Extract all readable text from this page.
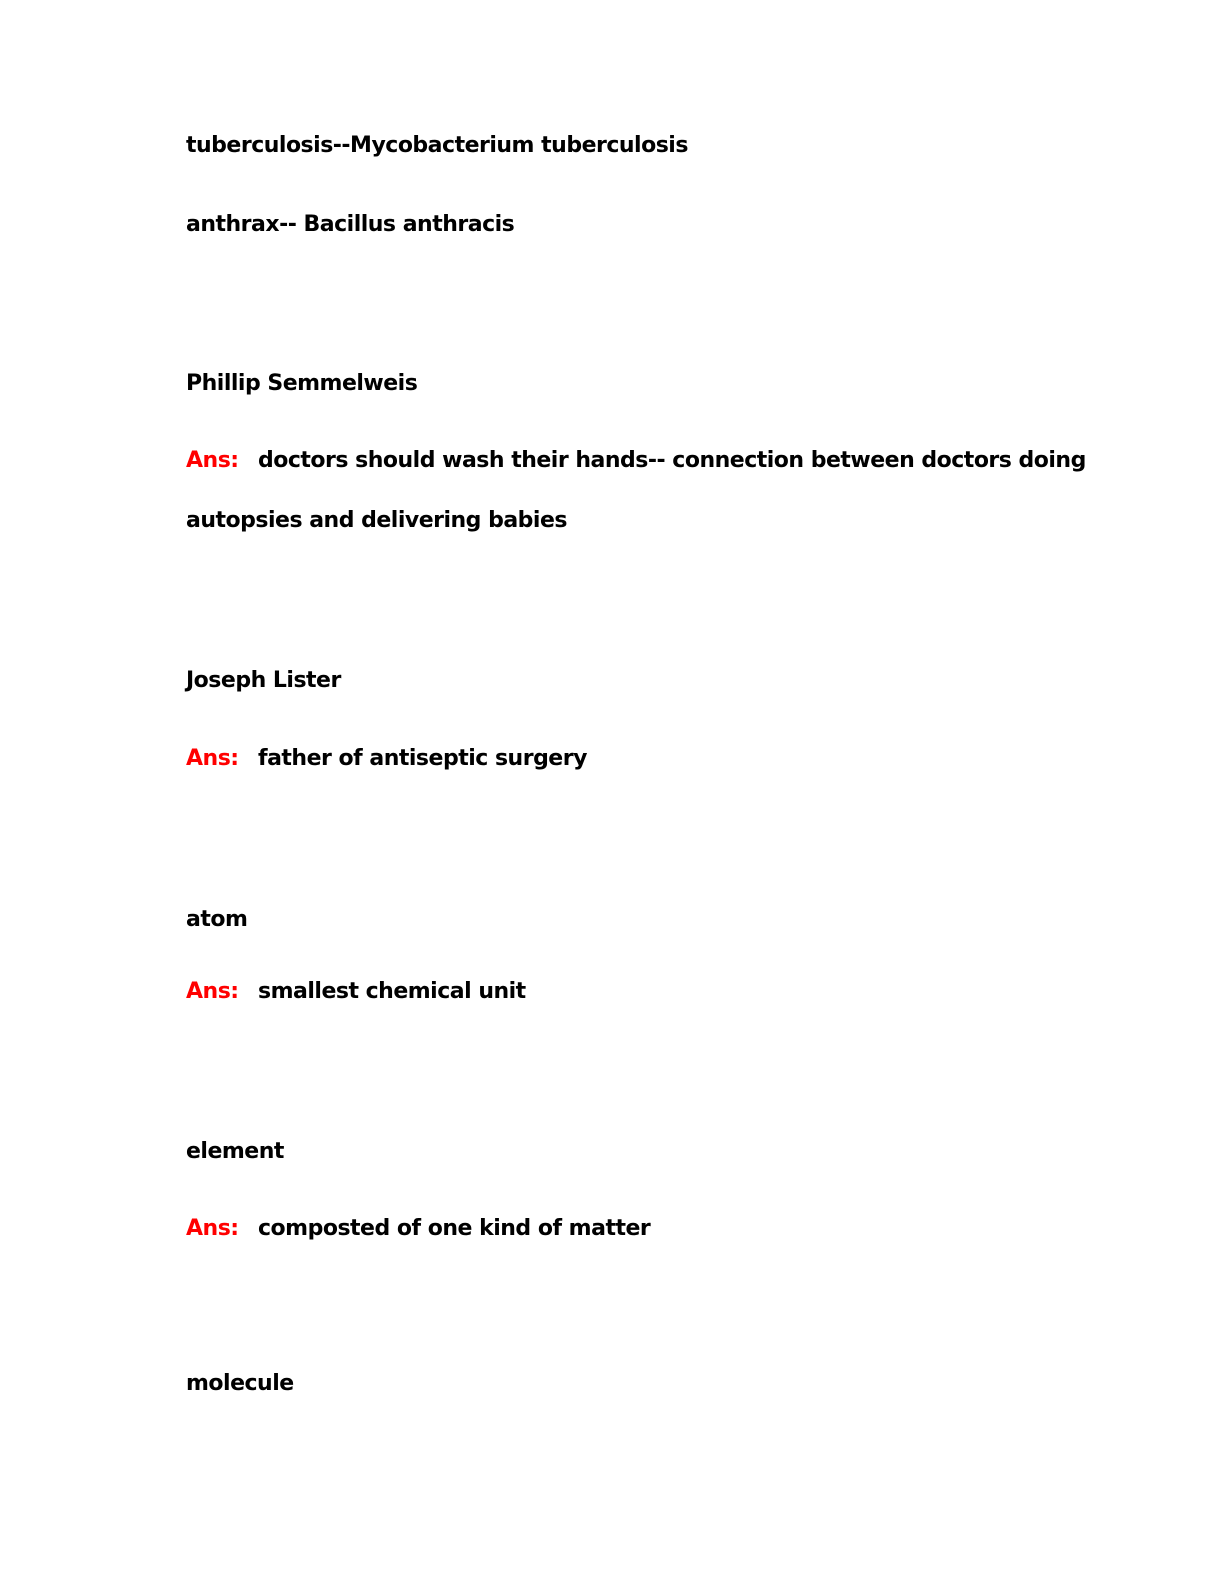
tuberculosis--Mycobacterium tuberculosis
anthrax-- Bacillus anthracis
Phillip Semmelweis
Ans: doctors should wash their hands-- connection between doctors doing
autopsies and delivering babies
Joseph Lister
Ans: father of antiseptic surgery
atom
Ans: smallest chemical unit
element
Ans: composted of one kind of matter
molecule
